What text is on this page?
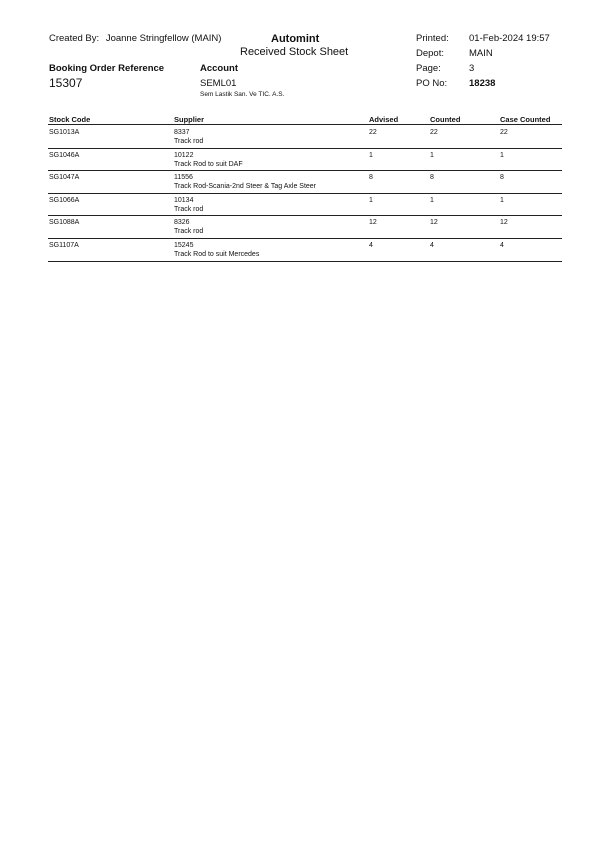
Created By: Joanne Stringfellow (MAIN)	Automint
Received Stock Sheet
Printed: 01-Feb-2024 19:57
Depot:	MAIN
Booking Order Reference
15307
Account
SEML01
Sem Lastik San. Ve TIC. A.S.
Page:	3
PO No: 18238
Stock Code	Supplier	Advised	Counted	Case Counted
SG1013A	8337	22	22	22
Track rod
SG1046A	10122	1	1	1
Track Rod to suit DAF
SG1047A	11556	8	8	8
Track Rod-Scania-2nd Steer & Tag Axle Steer
SG1066A	10134	1	1	1
Track rod
SG1088A	8326	12	12	12
Track rod
SG1107A	15245	4	4	4
Track Rod to suit Mercedes
